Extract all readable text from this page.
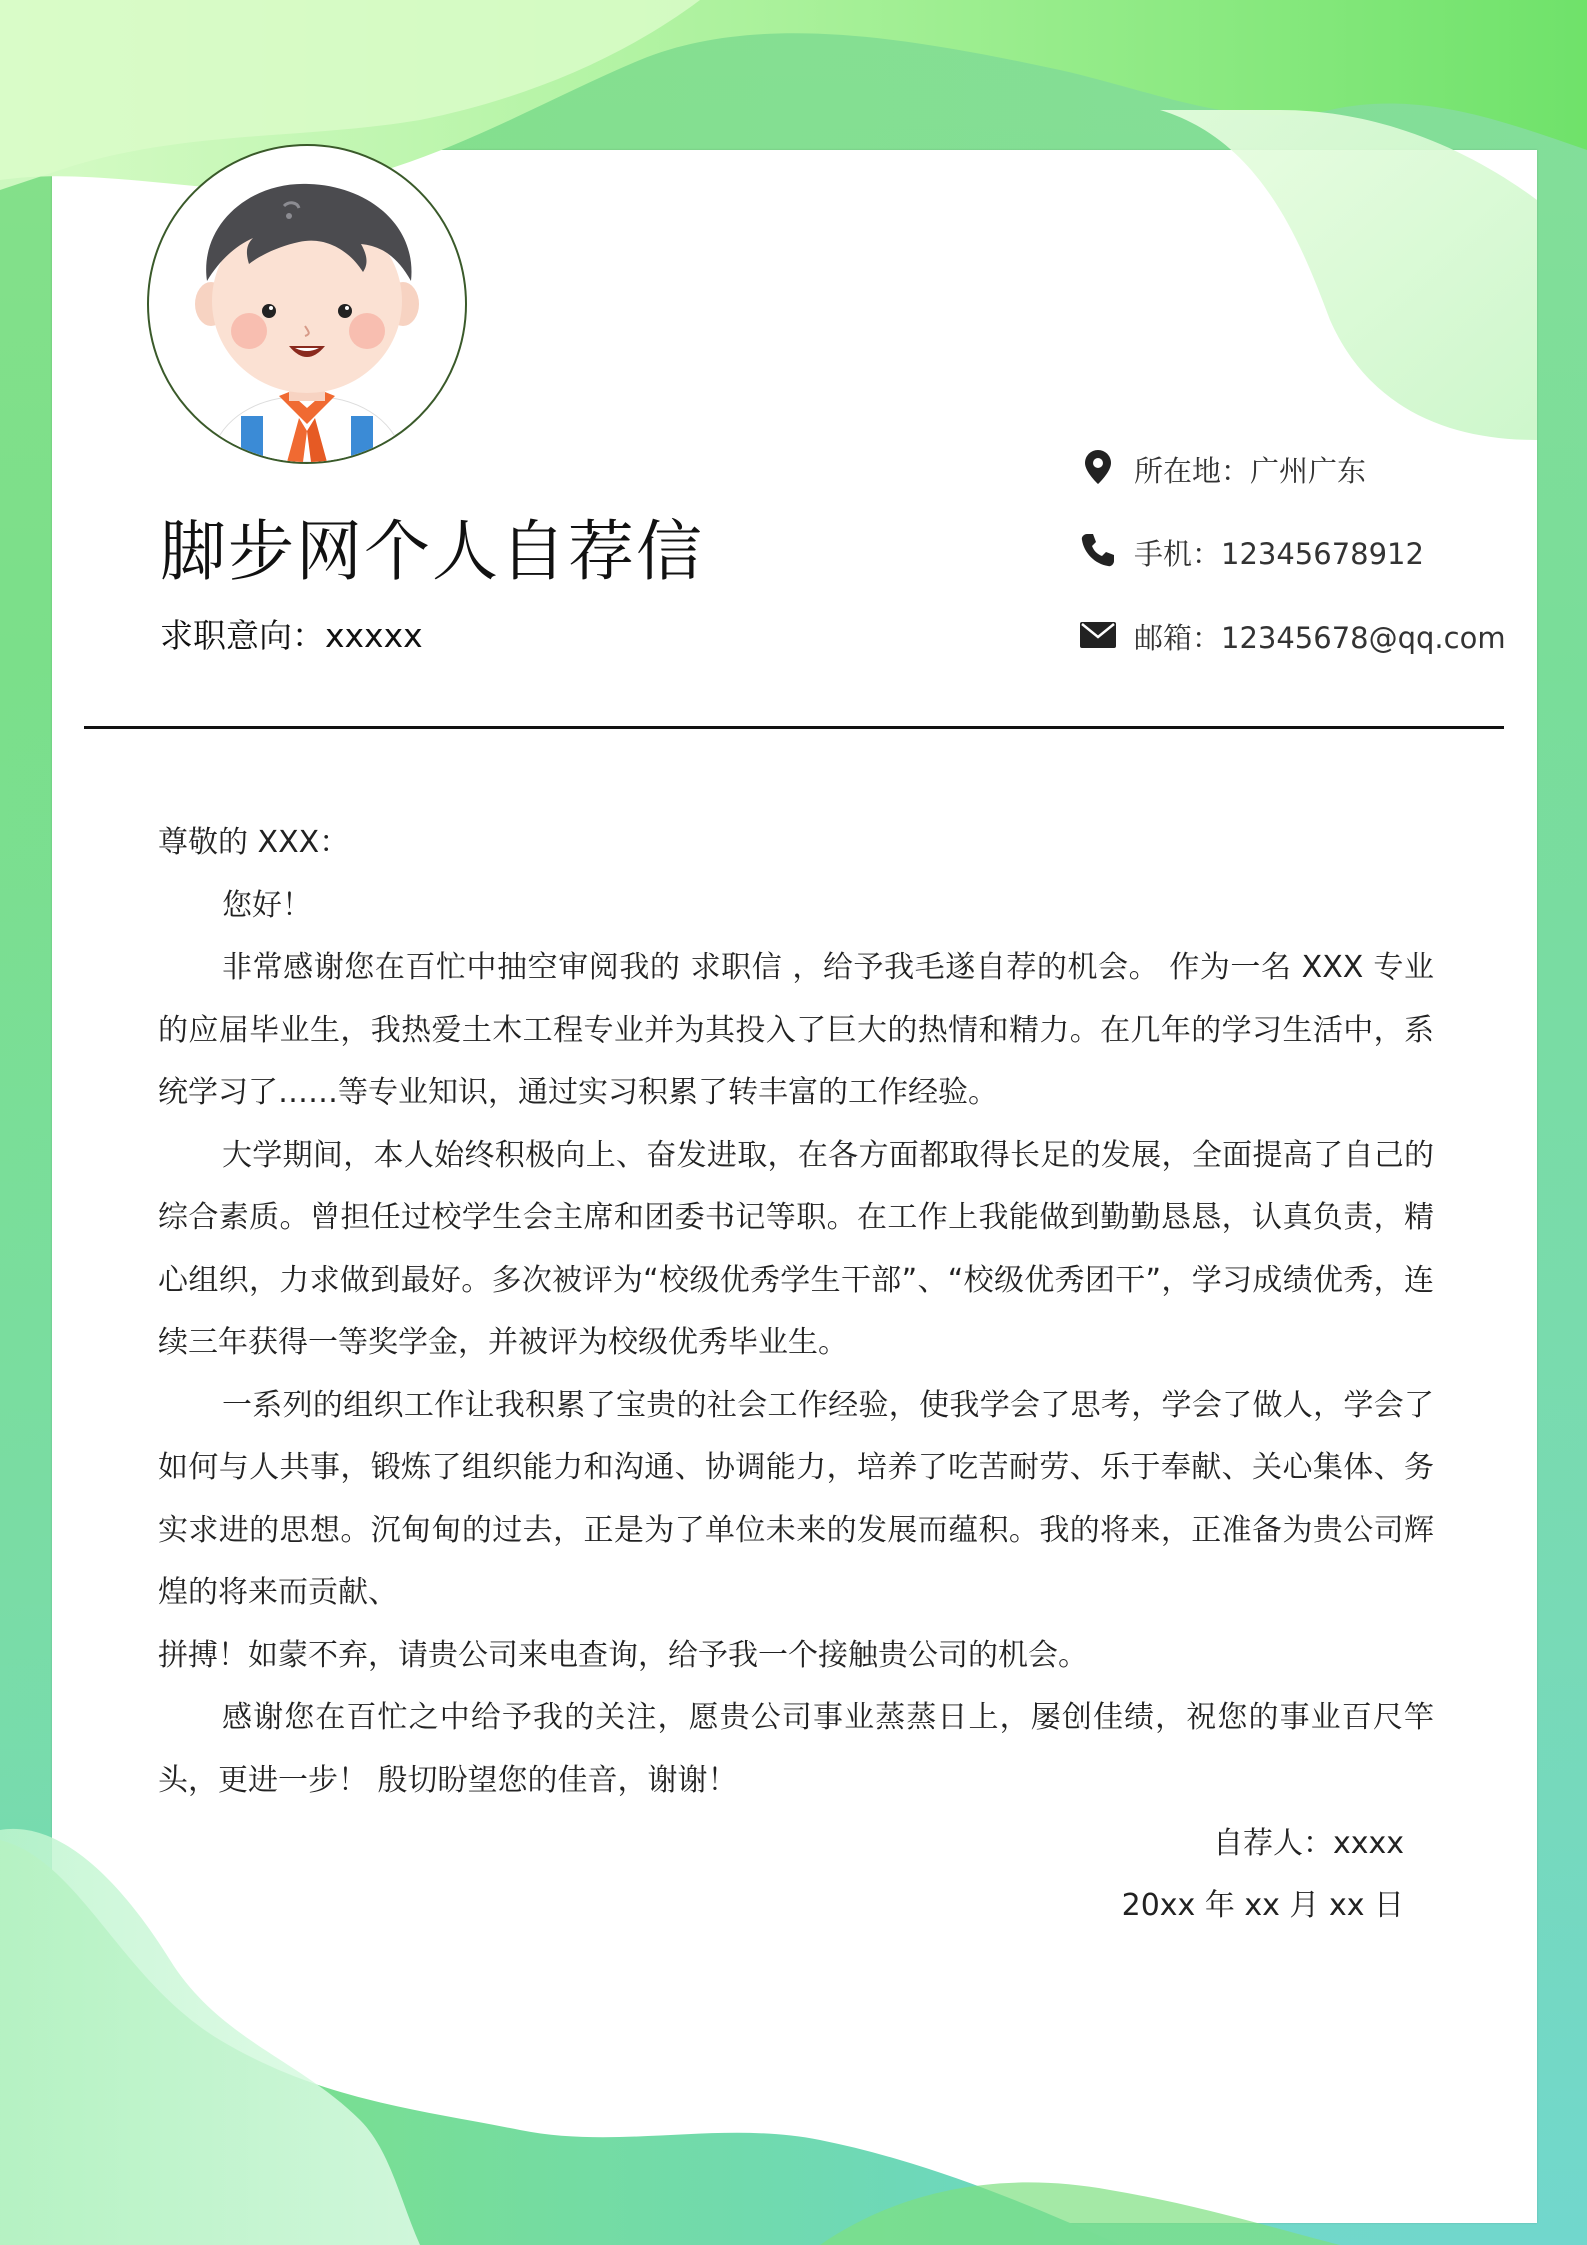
脚步网个人自荐信
求职意向：xxxxx
所在地：广州广东
手机：12345678912
邮箱：12345678@qq.com

尊敬的 XXX：

您好！

非常感谢您在百忙中抽空审阅我的 求职信 ，给予我毛遂自荐的机会。 作为一名 XXX 专业的应届毕业生，我热爱土木工程专业并为其投入了巨大的热情和精力。在几年的学习生活中，系统学习了……等专业知识，通过实习积累了转丰富的工作经验。

大学期间，本人始终积极向上、奋发进取，在各方面都取得长足的发展，全面提高了自己的综合素质。曾担任过校学生会主席和团委书记等职。在工作上我能做到勤勤恳恳，认真负责，精心组织，力求做到最好。多次被评为“校级优秀学生干部”、“校级优秀团干”，学习成绩优秀，连续三年获得一等奖学金，并被评为校级优秀毕业生。

一系列的组织工作让我积累了宝贵的社会工作经验，使我学会了思考，学会了做人，学会了如何与人共事，锻炼了组织能力和沟通、协调能力，培养了吃苦耐劳、乐于奉献、关心集体、务实求进的思想。沉甸甸的过去，正是为了单位未来的发展而蕴积。我的将来，正准备为贵公司辉煌的将来而贡献、

拼搏！如蒙不弃，请贵公司来电查询，给予我一个接触贵公司的机会。

感谢您在百忙之中给予我的关注，愿贵公司事业蒸蒸日上，屡创佳绩，祝您的事业百尺竿头，更进一步！ 殷切盼望您的佳音，谢谢！

自荐人：xxxx
20xx 年 xx 月 xx 日
